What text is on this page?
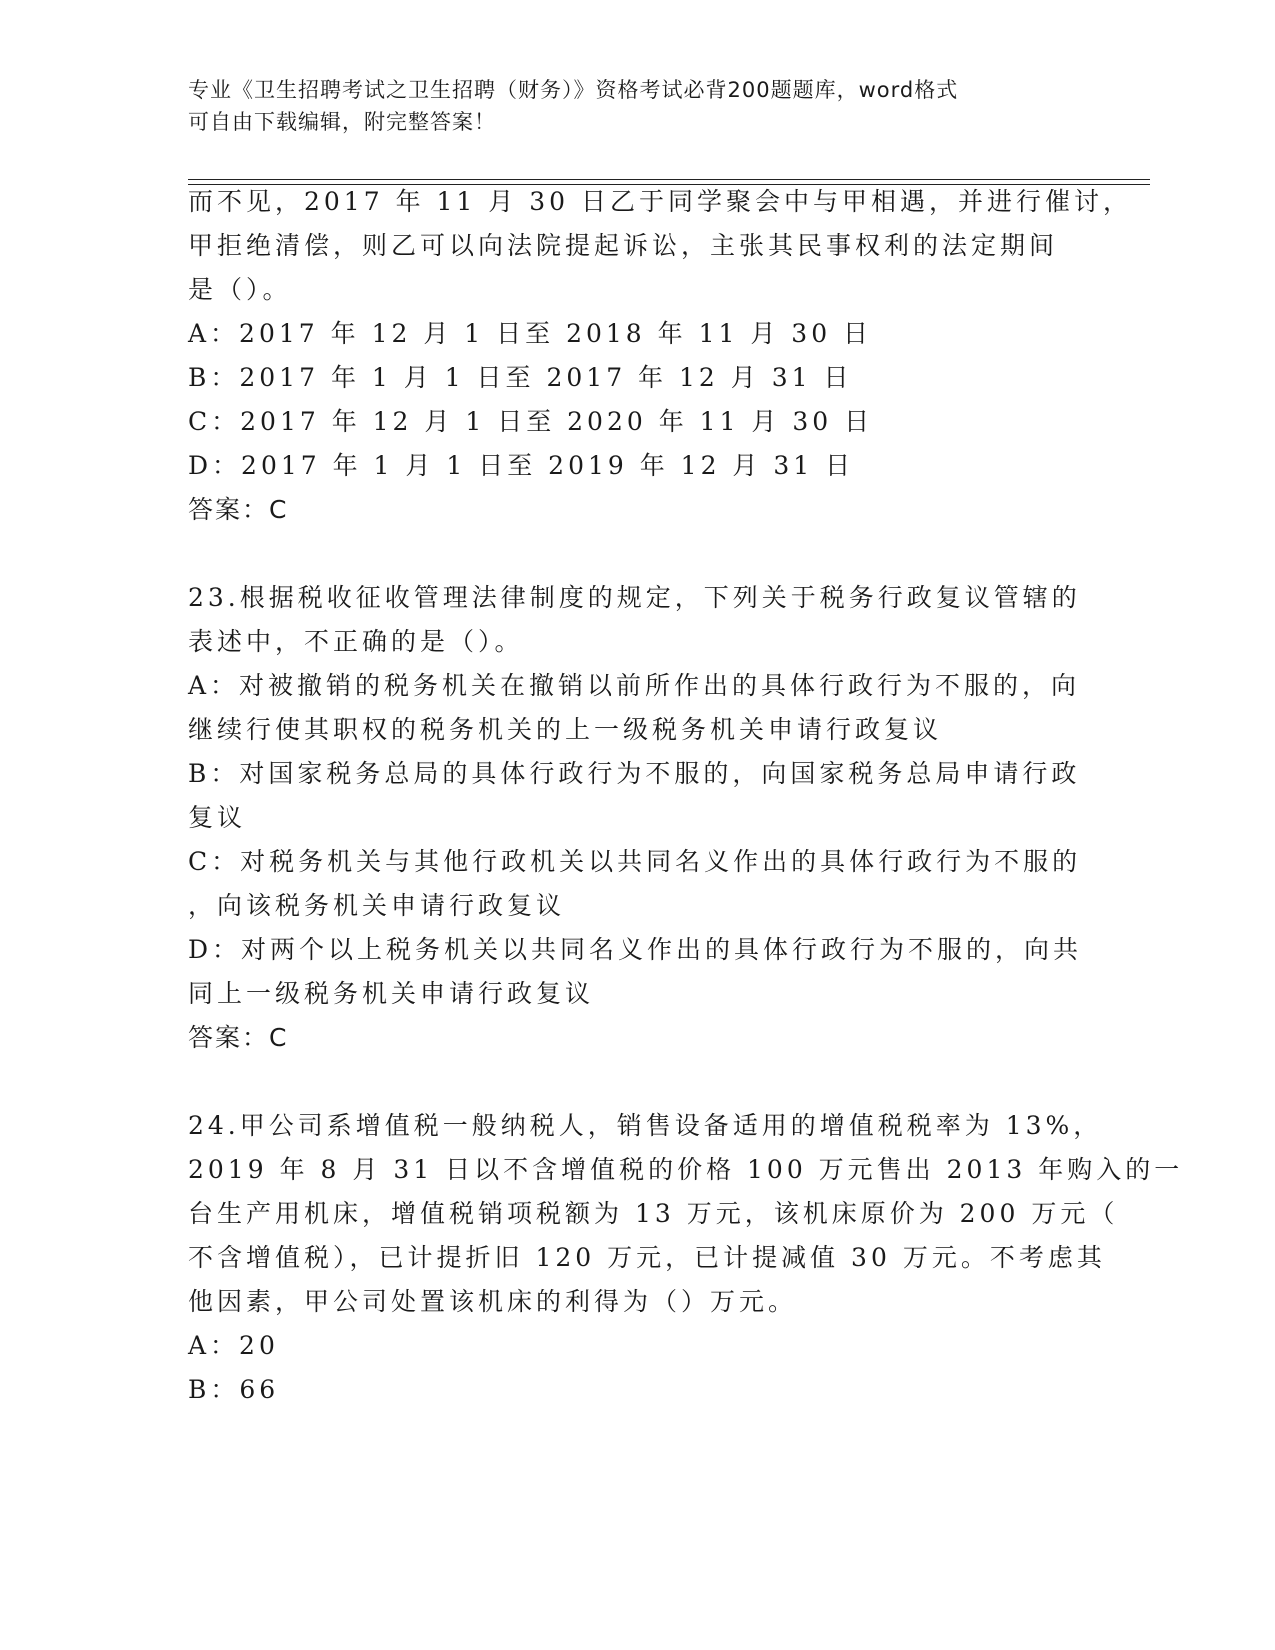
专业《卫生招聘考试之卫生招聘（财务）》资格考试必背200题题库，word格式
可自由下载编辑，附完整答案！
而不见，2017 年 11 月 30 日乙于同学聚会中与甲相遇，并进行催讨，
甲拒绝清偿，则乙可以向法院提起诉讼，主张其民事权利的法定期间
是（）。
A：2017 年 12 月 1 日至 2018 年 11 月 30 日
B：2017 年 1 月 1 日至 2017 年 12 月 31 日
C：2017 年 12 月 1 日至 2020 年 11 月 30 日
D：2017 年 1 月 1 日至 2019 年 12 月 31 日
答案：C
23.根据税收征收管理法律制度的规定，下列关于税务行政复议管辖的
表述中，不正确的是（）。
A：对被撤销的税务机关在撤销以前所作出的具体行政行为不服的，向
继续行使其职权的税务机关的上一级税务机关申请行政复议
B：对国家税务总局的具体行政行为不服的，向国家税务总局申请行政
复议
C：对税务机关与其他行政机关以共同名义作出的具体行政行为不服的
，向该税务机关申请行政复议
D：对两个以上税务机关以共同名义作出的具体行政行为不服的，向共
同上一级税务机关申请行政复议
答案：C
24.甲公司系增值税一般纳税人，销售设备适用的增值税税率为 13%，
2019 年 8 月 31 日以不含增值税的价格 100 万元售出 2013 年购入的一
台生产用机床，增值税销项税额为 13 万元，该机床原价为 200 万元（
不含增值税），已计提折旧 120 万元，已计提减值 30 万元。不考虑其
他因素，甲公司处置该机床的利得为（）万元。
A：20
B：66
